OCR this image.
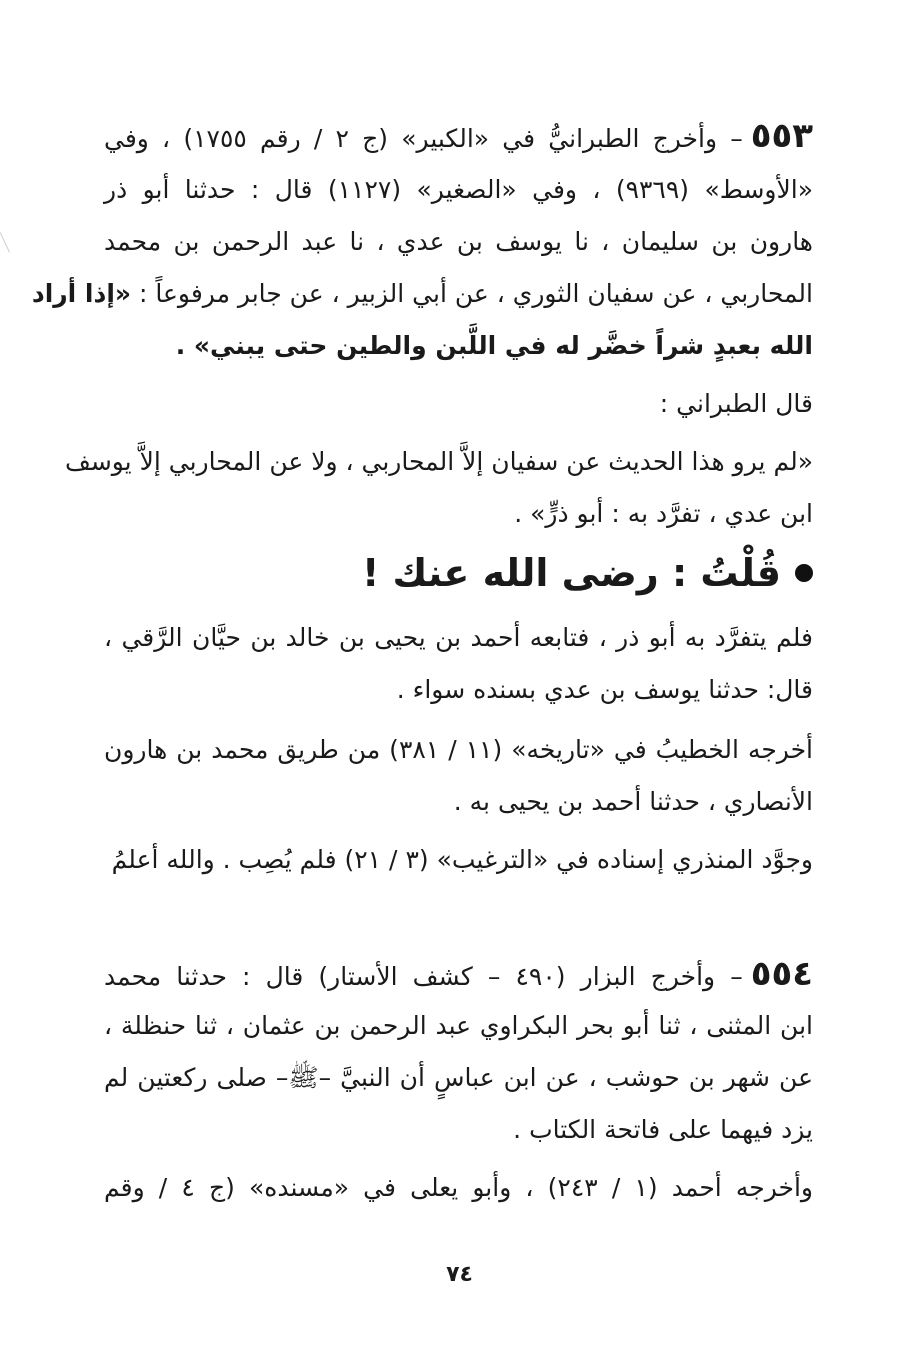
٥٥٣– وأخرج الطبرانيُّ في «الكبير» (ج ٢ / رقم ١٧٥٥) ، وفي
«الأوسط» (٩٣٦٩) ، وفي «الصغير» (١١٢٧) قال : حدثنا أبو ذر
هارون بن سليمان ، نا يوسف بن عدي ، نا عبد الرحمن بن محمد
المحاربي ، عن سفيان الثوري ، عن أبي الزبير ، عن جابر مرفوعاً : «إذا أراد
الله بعبدٍ شراً خضَّر له في اللَّبن والطين حتى يبني» .
قال الطبراني :
«لم يرو هذا الحديث عن سفيان إلاَّ المحاربي ، ولا عن المحاربي إلاَّ يوسف
ابن عدي ، تفرَّد به : أبو ذرٍّ» .
قُلْتُ : رضى الله عنك !
فلم يتفرَّد به أبو ذر ، فتابعه أحمد بن يحيى بن خالد بن حيَّان الرَّقي ،
قال: حدثنا يوسف بن عدي بسنده سواء .
أخرجه الخطيبُ في «تاريخه» (١١ / ٣٨١) من طريق محمد بن هارون
الأنصاري ، حدثنا أحمد بن يحيى به .
وجوَّد المنذري إسناده في «الترغيب» (٣ / ٢١) فلم يُصِب . والله أعلمُ
٥٥٤– وأخرج البزار (٤٩٠ – كشف الأستار) قال : حدثنا محمد
ابن المثنى ، ثنا أبو بحر البكراوي عبد الرحمن بن عثمان ، ثنا حنظلة ،
عن شهر بن حوشب ، عن ابن عباسٍ أن النبيَّ –ﷺ– صلى ركعتين لم
يزد فيهما على فاتحة الكتاب .
وأخرجه أحمد (١ / ٢٤٣) ، وأبو يعلى في «مسنده» (ج ٤ / وقم
٧٤
